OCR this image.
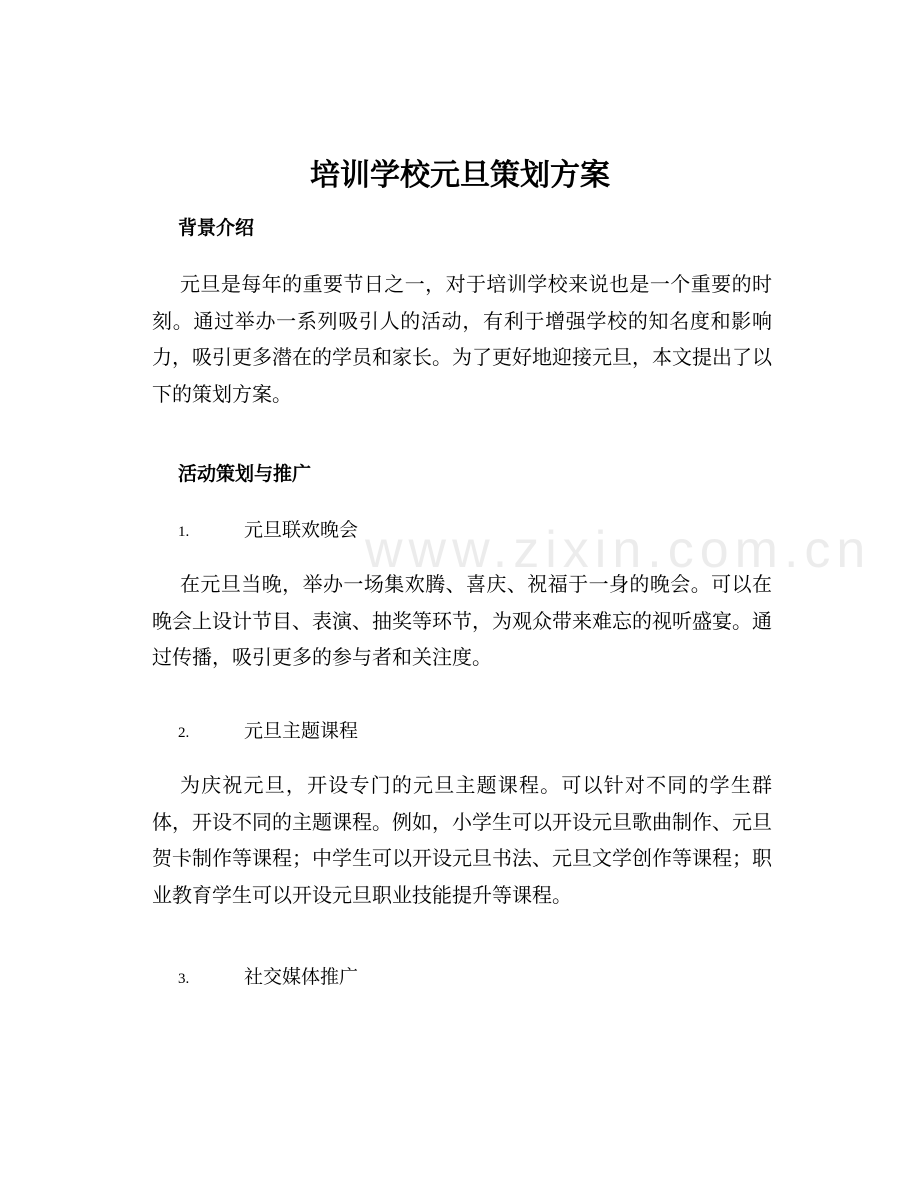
www.zixin.com.cn
培训学校元旦策划方案
背景介绍

元旦是每年的重要节日之一，对于培训学校来说也是一个重要的时刻。通过举办一系列吸引人的活动，有利于增强学校的知名度和影响力，吸引更多潜在的学员和家长。为了更好地迎接元旦，本文提出了以下的策划方案。

活动策划与推广
1.	元旦联欢晚会

在元旦当晚，举办一场集欢腾、喜庆、祝福于一身的晚会。可以在晚会上设计节目、表演、抽奖等环节，为观众带来难忘的视听盛宴。通过传播，吸引更多的参与者和关注度。

2.	元旦主题课程

为庆祝元旦，开设专门的元旦主题课程。可以针对不同的学生群体，开设不同的主题课程。例如，小学生可以开设元旦歌曲制作、元旦贺卡制作等课程；中学生可以开设元旦书法、元旦文学创作等课程；职业教育学生可以开设元旦职业技能提升等课程。

3.	社交媒体推广
